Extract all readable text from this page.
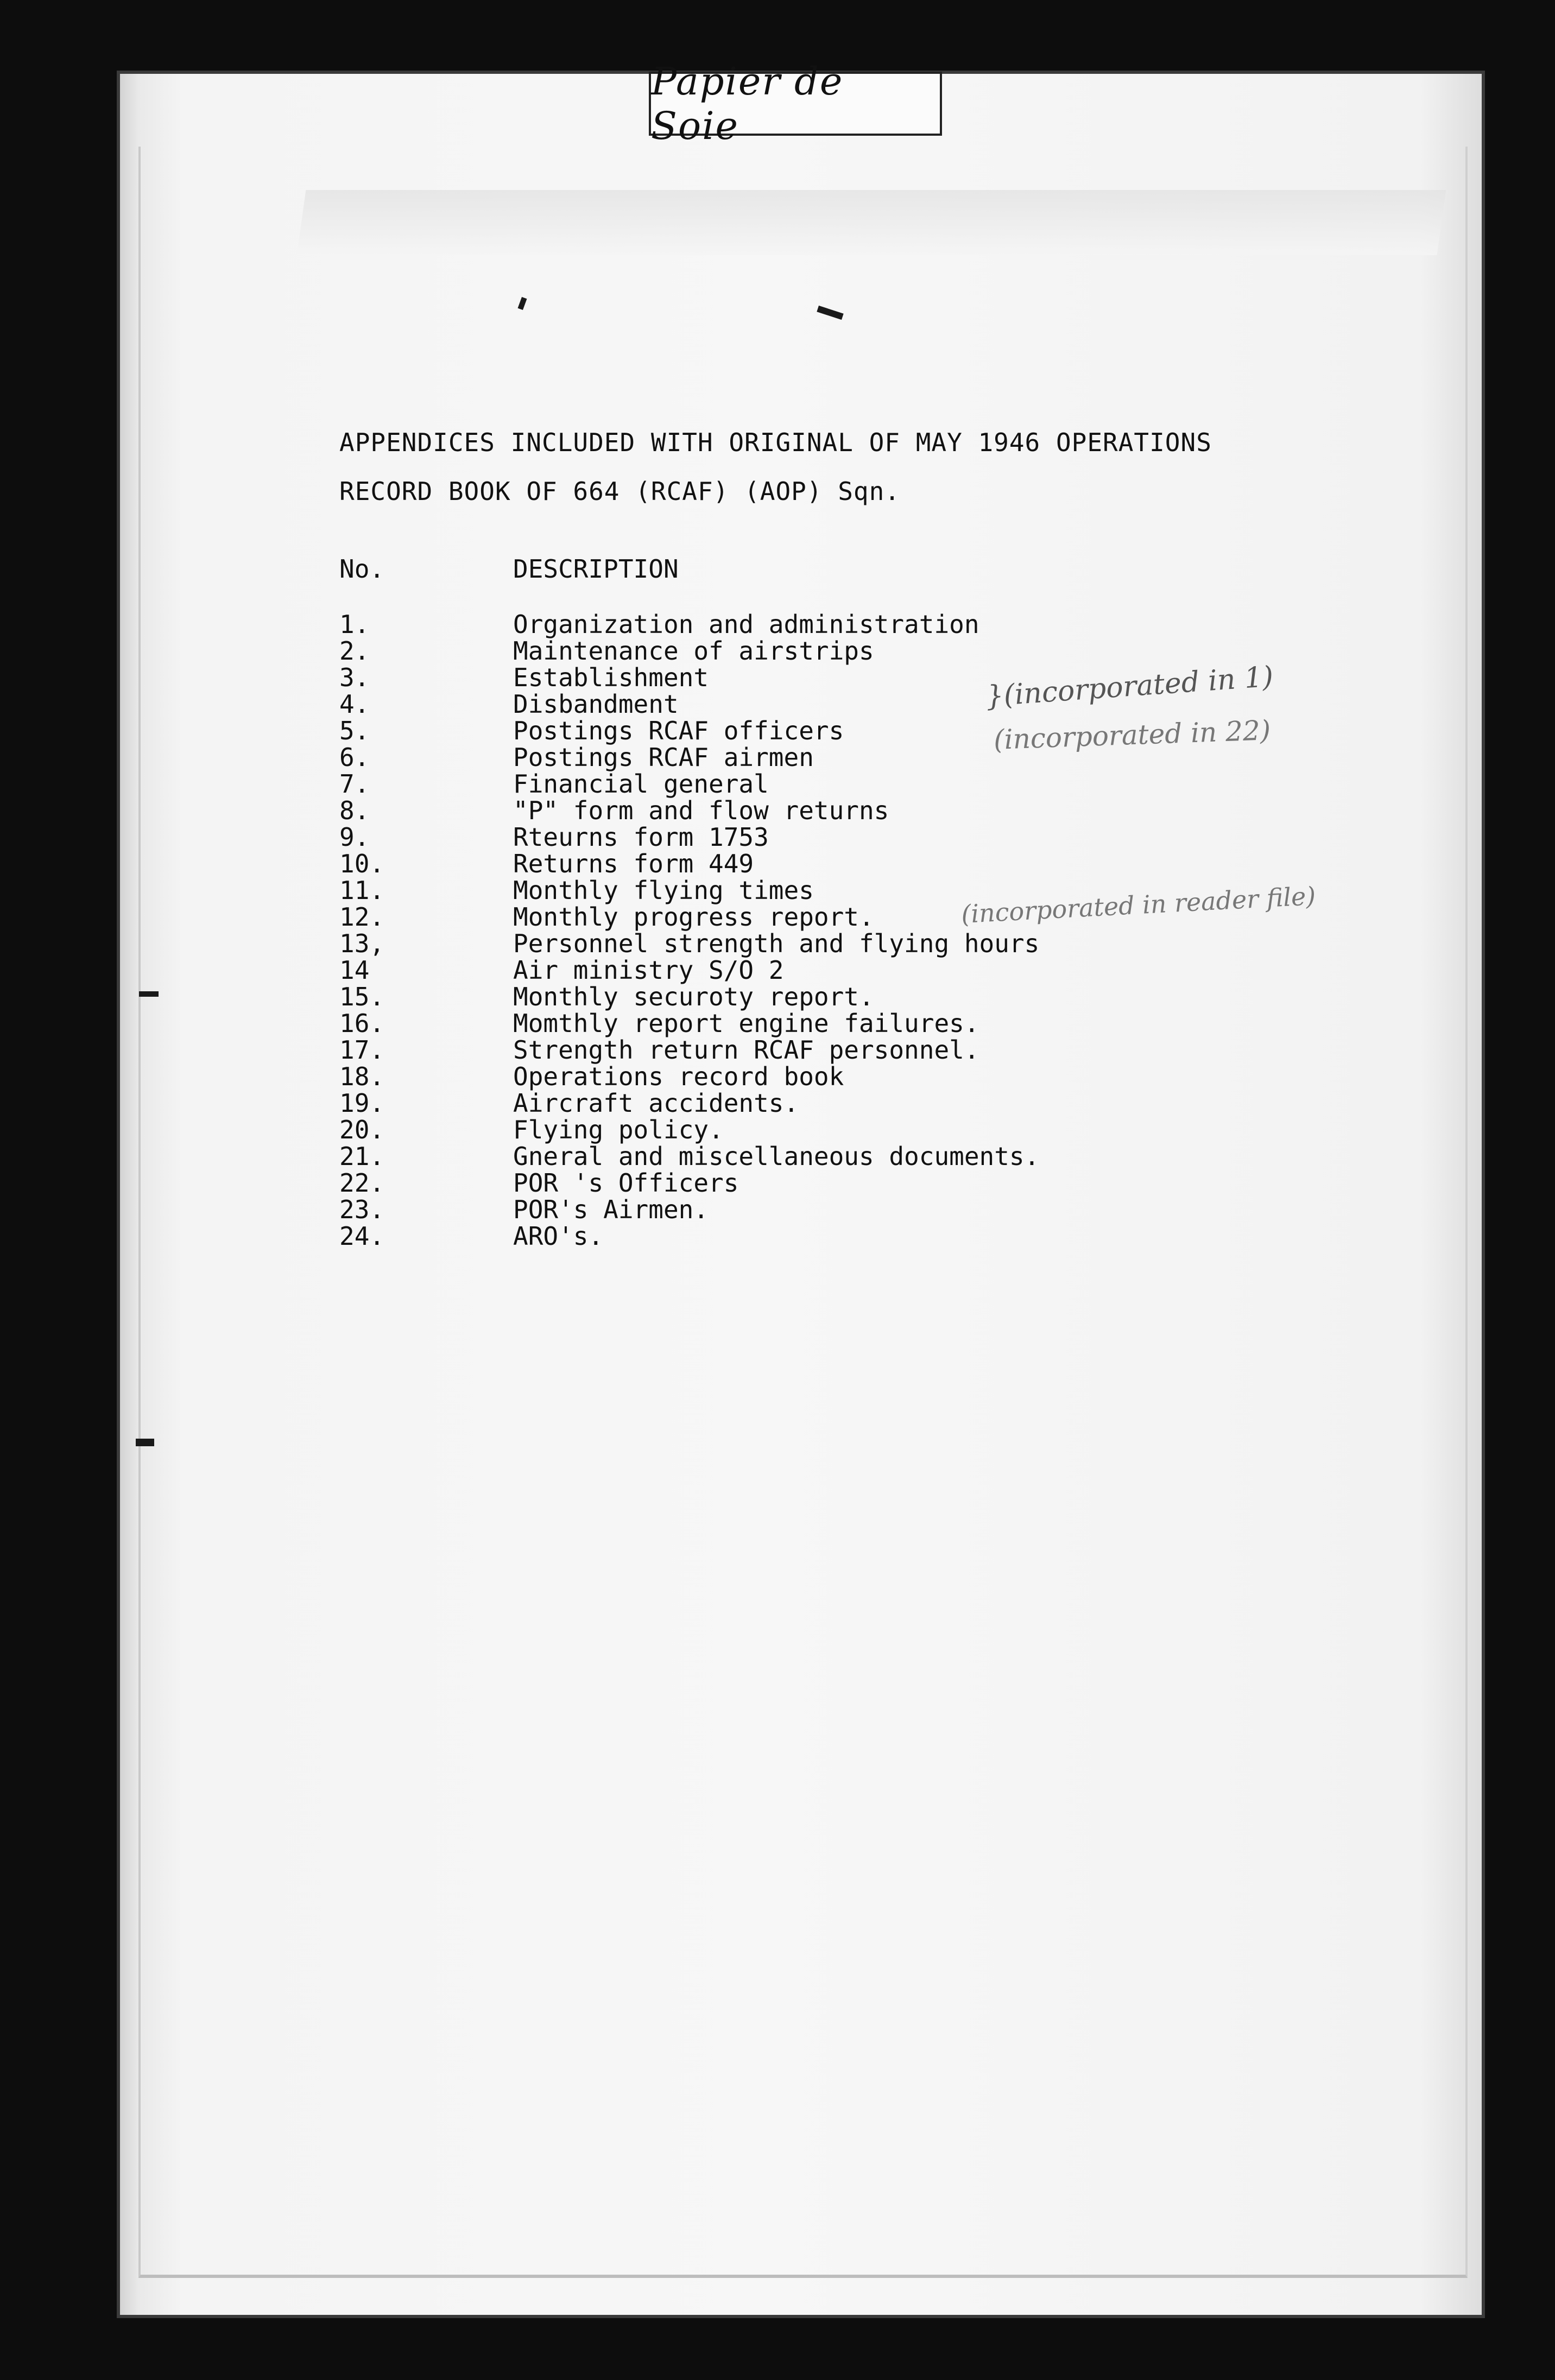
Papier de Soie
APPENDICES INCLUDED WITH ORIGINAL OF MAY 1946 OPERATIONS
RECORD BOOK OF 664 (RCAF) (AOP) Sqn.
No.	DESCRIPTION
1.	Organization and administration
2.	Maintenance of airstrips
3.	Establishment
4.	Disbandment
5.	Postings RCAF officers
6.	Postings RCAF airmen
7.	Financial general
8.	"P" form and flow returns
9.	Rteurns form 1753
10.	Returns form 449
11.	Monthly flying times
12.	Monthly progress report.
13,	Personnel strength and flying hours
14	Air ministry S/O 2
15.	Monthly securoty report.
16.	Momthly report engine failures.
17.	Strength return RCAF personnel.
18.	Operations record book
19.	Aircraft accidents.
20.	Flying policy.
21.	Gneral and miscellaneous documents.
22.	POR 's Officers
23.	POR's Airmen.
24.	ARO's.
}(incorporated in 1)
(incorporated in 22)
(incorporated in reader file)
